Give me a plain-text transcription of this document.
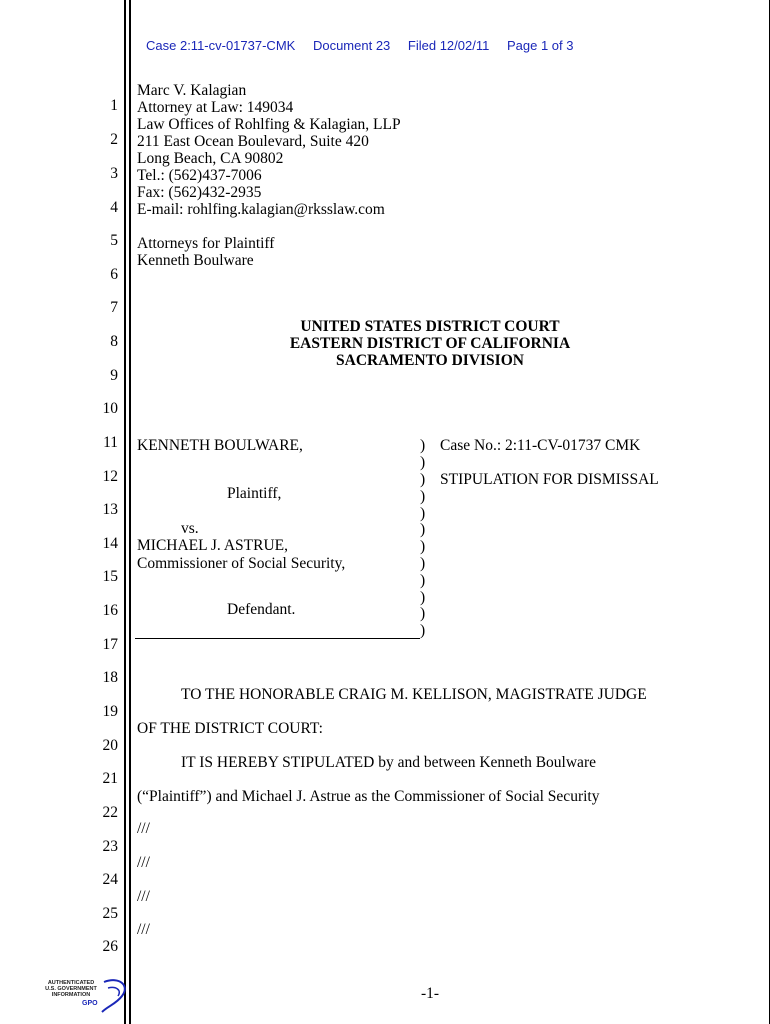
Case 2:11-cv-01737-CMK Document 23 Filed 12/02/11 Page 1 of 3
1
2
3
4
5
6
7
8
9
10
11
12
13
14
15
16
17
18
19
20
21
22
23
24
25
26
Marc V. Kalagian
Attorney at Law: 149034
Law Offices of Rohlfing & Kalagian, LLP
211 East Ocean Boulevard, Suite 420
Long Beach, CA 90802
Tel.: (562)437-7006
Fax: (562)432-2935
E-mail: rohlfing.kalagian@rksslaw.com
Attorneys for Plaintiff
Kenneth Boulware
UNITED STATES DISTRICT COURT
EASTERN DISTRICT OF CALIFORNIA
SACRAMENTO DIVISION
KENNETH BOULWARE,
Plaintiff,
vs.
MICHAEL J. ASTRUE,
Commissioner of Social Security,
Defendant.
)
)
)
)
)
)
)
)
)
)
)
)
Case No.: 2:11-CV-01737 CMK
STIPULATION FOR DISMISSAL
TO THE HONORABLE CRAIG M. KELLISON, MAGISTRATE JUDGE
OF THE DISTRICT COURT:
IT IS HEREBY STIPULATED by and between Kenneth Boulware
(“Plaintiff”) and Michael J. Astrue as the Commissioner of Social Security
///
///
///
///
-1-
AUTHENTICATED U.S. GOVERNMENT INFORMATION
GPO
